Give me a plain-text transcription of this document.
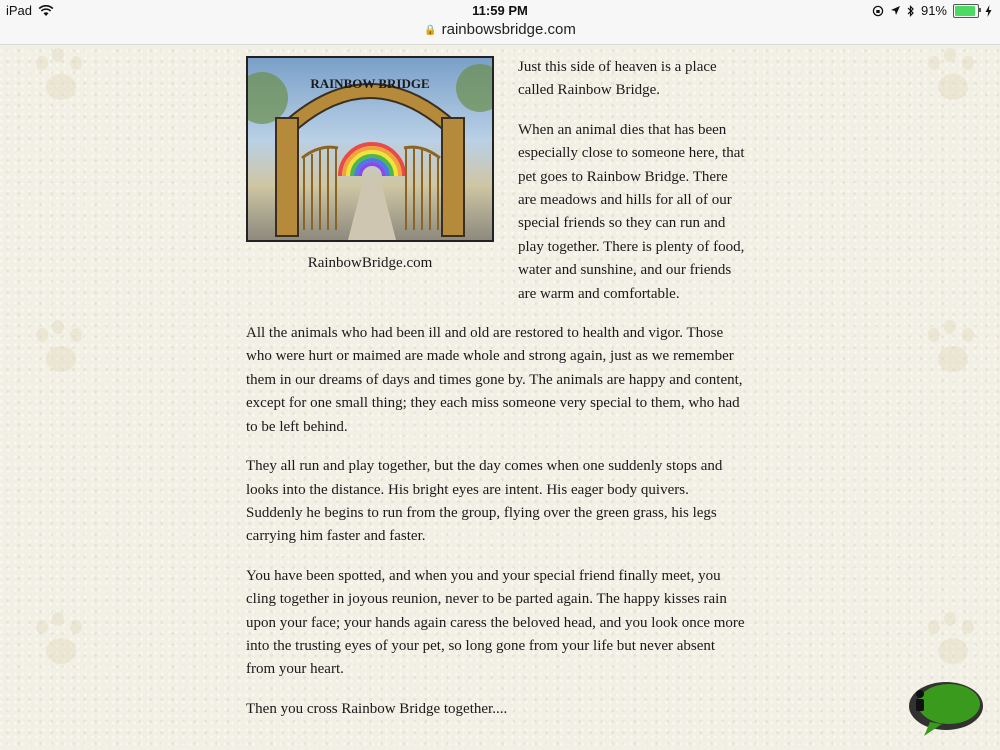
iPad	11:59 PM	91%
🔒 rainbowsbridge.com
RAINBOW BRIDGE
RainbowBridge.com

Just this side of heaven is a place called Rainbow Bridge.

When an animal dies that has been especially close to someone here, that pet goes to Rainbow Bridge. There are meadows and hills for all of our special friends so they can run and play together. There is plenty of food, water and sunshine, and our friends are warm and comfortable.

All the animals who had been ill and old are restored to health and vigor. Those who were hurt or maimed are made whole and strong again, just as we remember them in our dreams of days and times gone by. The animals are happy and content, except for one small thing; they each miss someone very special to them, who had to be left behind.

They all run and play together, but the day comes when one suddenly stops and looks into the distance. His bright eyes are intent. His eager body quivers. Suddenly he begins to run from the group, flying over the green grass, his legs carrying him faster and faster.

You have been spotted, and when you and your special friend finally meet, you cling together in joyous reunion, never to be parted again. The happy kisses rain upon your face; your hands again caress the beloved head, and you look once more into the trusting eyes of your pet, so long gone from your life but never absent from your heart.

Then you cross Rainbow Bridge together....
